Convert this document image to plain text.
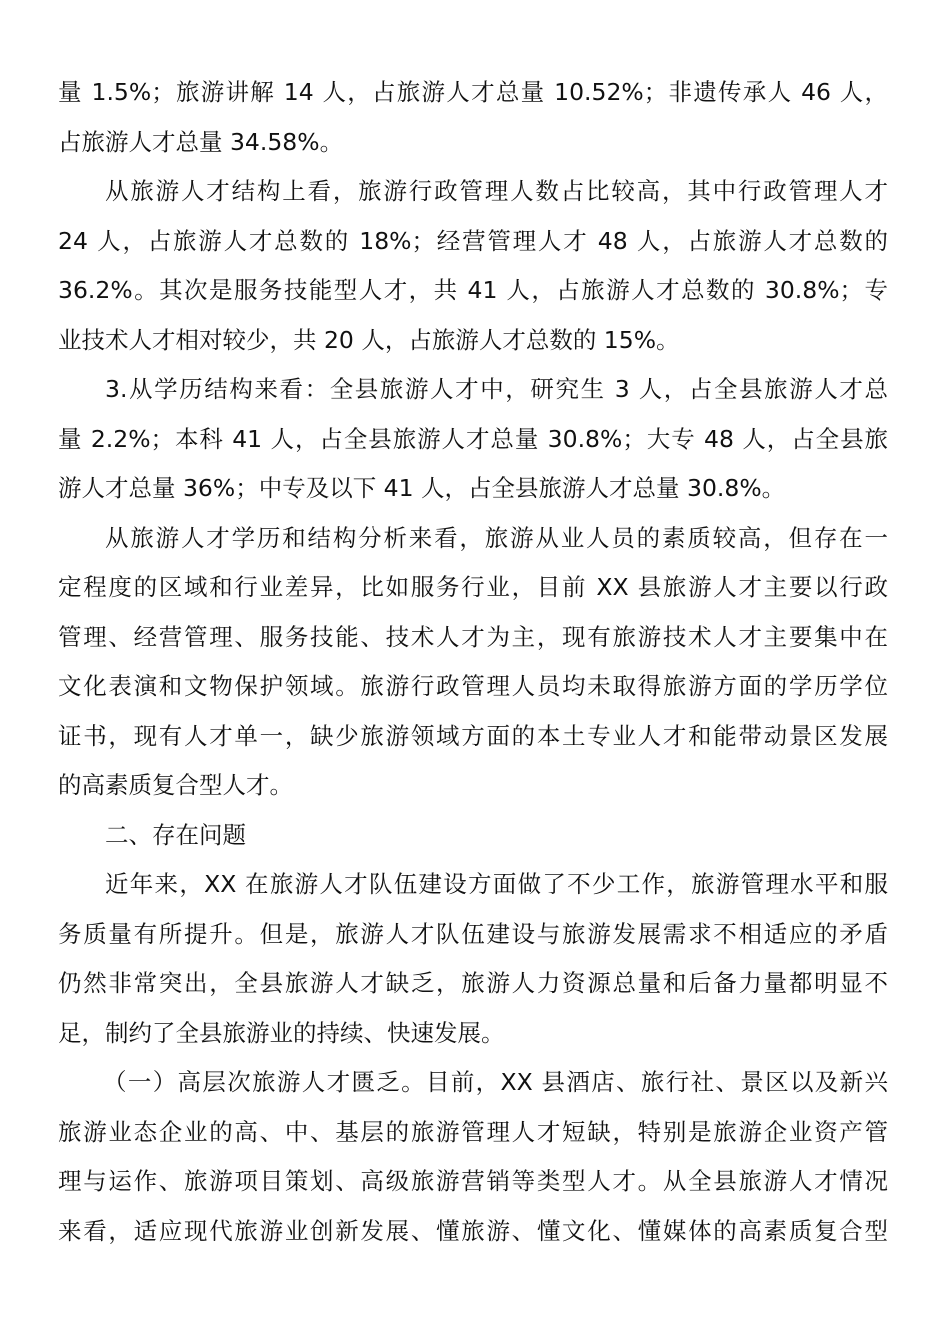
量 1.5%；旅游讲解 14 人，占旅游人才总量 10.52%；非遗传承人 46 人，
占旅游人才总量 34.58%。
从旅游人才结构上看，旅游行政管理人数占比较高，其中行政管理人才
24 人，占旅游人才总数的 18%；经营管理人才 48 人，占旅游人才总数的
36.2%。其次是服务技能型人才，共 41 人，占旅游人才总数的 30.8%；专
业技术人才相对较少，共 20 人，占旅游人才总数的 15%。
3.从学历结构来看：全县旅游人才中，研究生 3 人，占全县旅游人才总
量 2.2%；本科 41 人，占全县旅游人才总量 30.8%；大专 48 人，占全县旅
游人才总量 36%；中专及以下 41 人，占全县旅游人才总量 30.8%。
从旅游人才学历和结构分析来看，旅游从业人员的素质较高，但存在一
定程度的区域和行业差异，比如服务行业，目前 XX 县旅游人才主要以行政
管理、经营管理、服务技能、技术人才为主，现有旅游技术人才主要集中在
文化表演和文物保护领域。旅游行政管理人员均未取得旅游方面的学历学位
证书，现有人才单一，缺少旅游领域方面的本土专业人才和能带动景区发展
的高素质复合型人才。
二、存在问题
近年来，XX 在旅游人才队伍建设方面做了不少工作，旅游管理水平和服
务质量有所提升。但是，旅游人才队伍建设与旅游发展需求不相适应的矛盾
仍然非常突出，全县旅游人才缺乏，旅游人力资源总量和后备力量都明显不
足，制约了全县旅游业的持续、快速发展。
（一）高层次旅游人才匮乏。目前，XX 县酒店、旅行社、景区以及新兴
旅游业态企业的高、中、基层的旅游管理人才短缺，特别是旅游企业资产管
理与运作、旅游项目策划、高级旅游营销等类型人才。从全县旅游人才情况
来看，适应现代旅游业创新发展、懂旅游、懂文化、懂媒体的高素质复合型
